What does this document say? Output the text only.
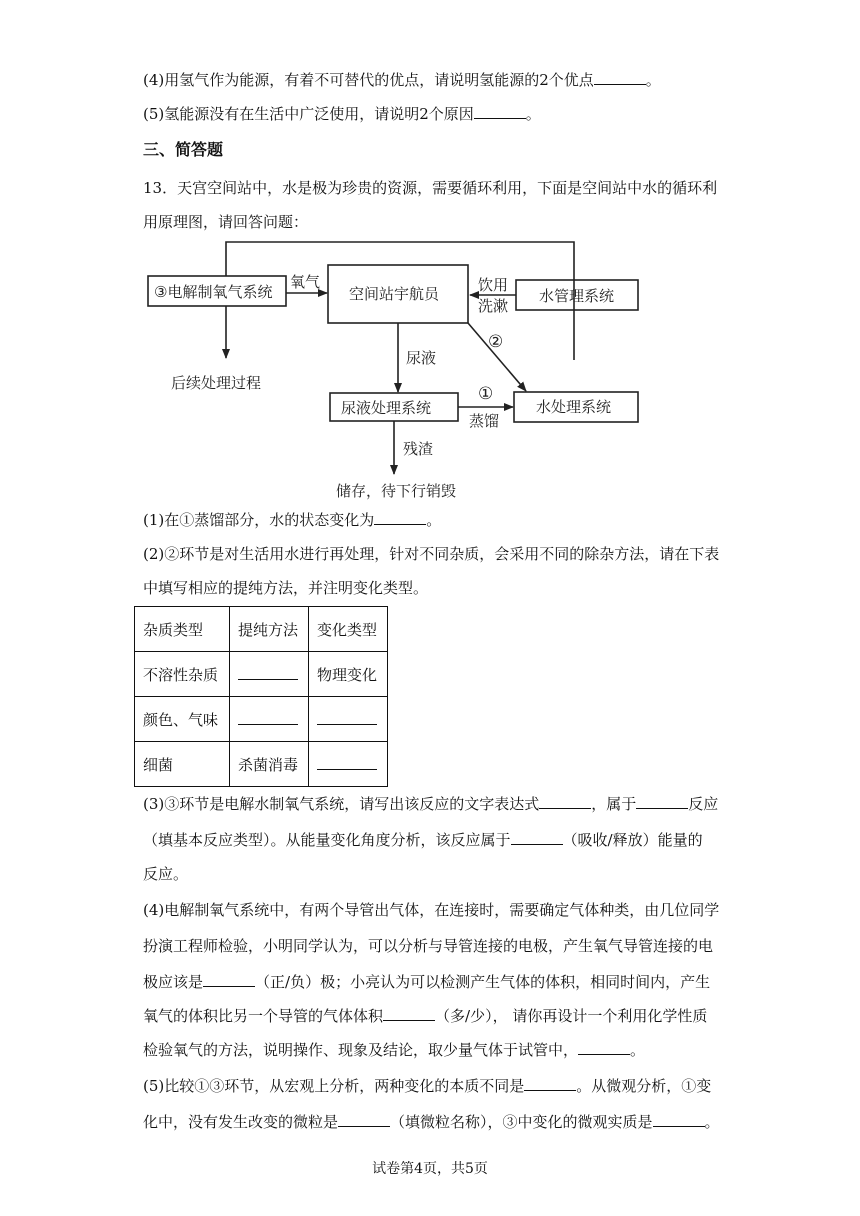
(4)用氢气作为能源，有着不可替代的优点，请说明氢能源的2个优点	。
(5)氢能源没有在生活中广泛使用，请说明2个原因	。
三、简答题
13．天宫空间站中，水是极为珍贵的资源，需要循环利用，下面是空间站中水的循环利
用原理图，请回答问题：
③电解制氧气系统
氧气
空间站宇航员	饮用
洗漱
水管理系统
后续处理过程
尿液
②
尿液处理系统
①
蒸馏
水处理系统
残渣
储存，待下行销毁
(1)在①蒸馏部分，水的状态变化为	。
(2)②环节是对生活用水进行再处理，针对不同杂质，会采用不同的除杂方法，请在下表
中填写相应的提纯方法，并注明变化类型。
杂质类型	提纯方法	变化类型
不溶性杂质		物理变化
颜色、气味		
细菌	杀菌消毒	
(3)③环节是电解水制氧气系统，请写出该反应的文字表达式	，属于	反应
（填基本反应类型）。从能量变化角度分析，该反应属于	（吸收/释放）能量的
反应。
(4)电解制氧气系统中，有两个导管出气体，在连接时，需要确定气体种类，由几位同学
扮演工程师检验，小明同学认为，可以分析与导管连接的电极，产生氧气导管连接的电
极应该是	（正/负）极；小亮认为可以检测产生气体的体积，相同时间内，产生
氧气的体积比另一个导管的气体体积	（多/少）， 请你再设计一个利用化学性质
检验氧气的方法，说明操作、现象及结论，取少量气体于试管中，	。
(5)比较①③环节，从宏观上分析，两种变化的本质不同是	。从微观分析，①变
化中，没有发生改变的微粒是	（填微粒名称），③中变化的微观实质是	。
试卷第4页，共5页
